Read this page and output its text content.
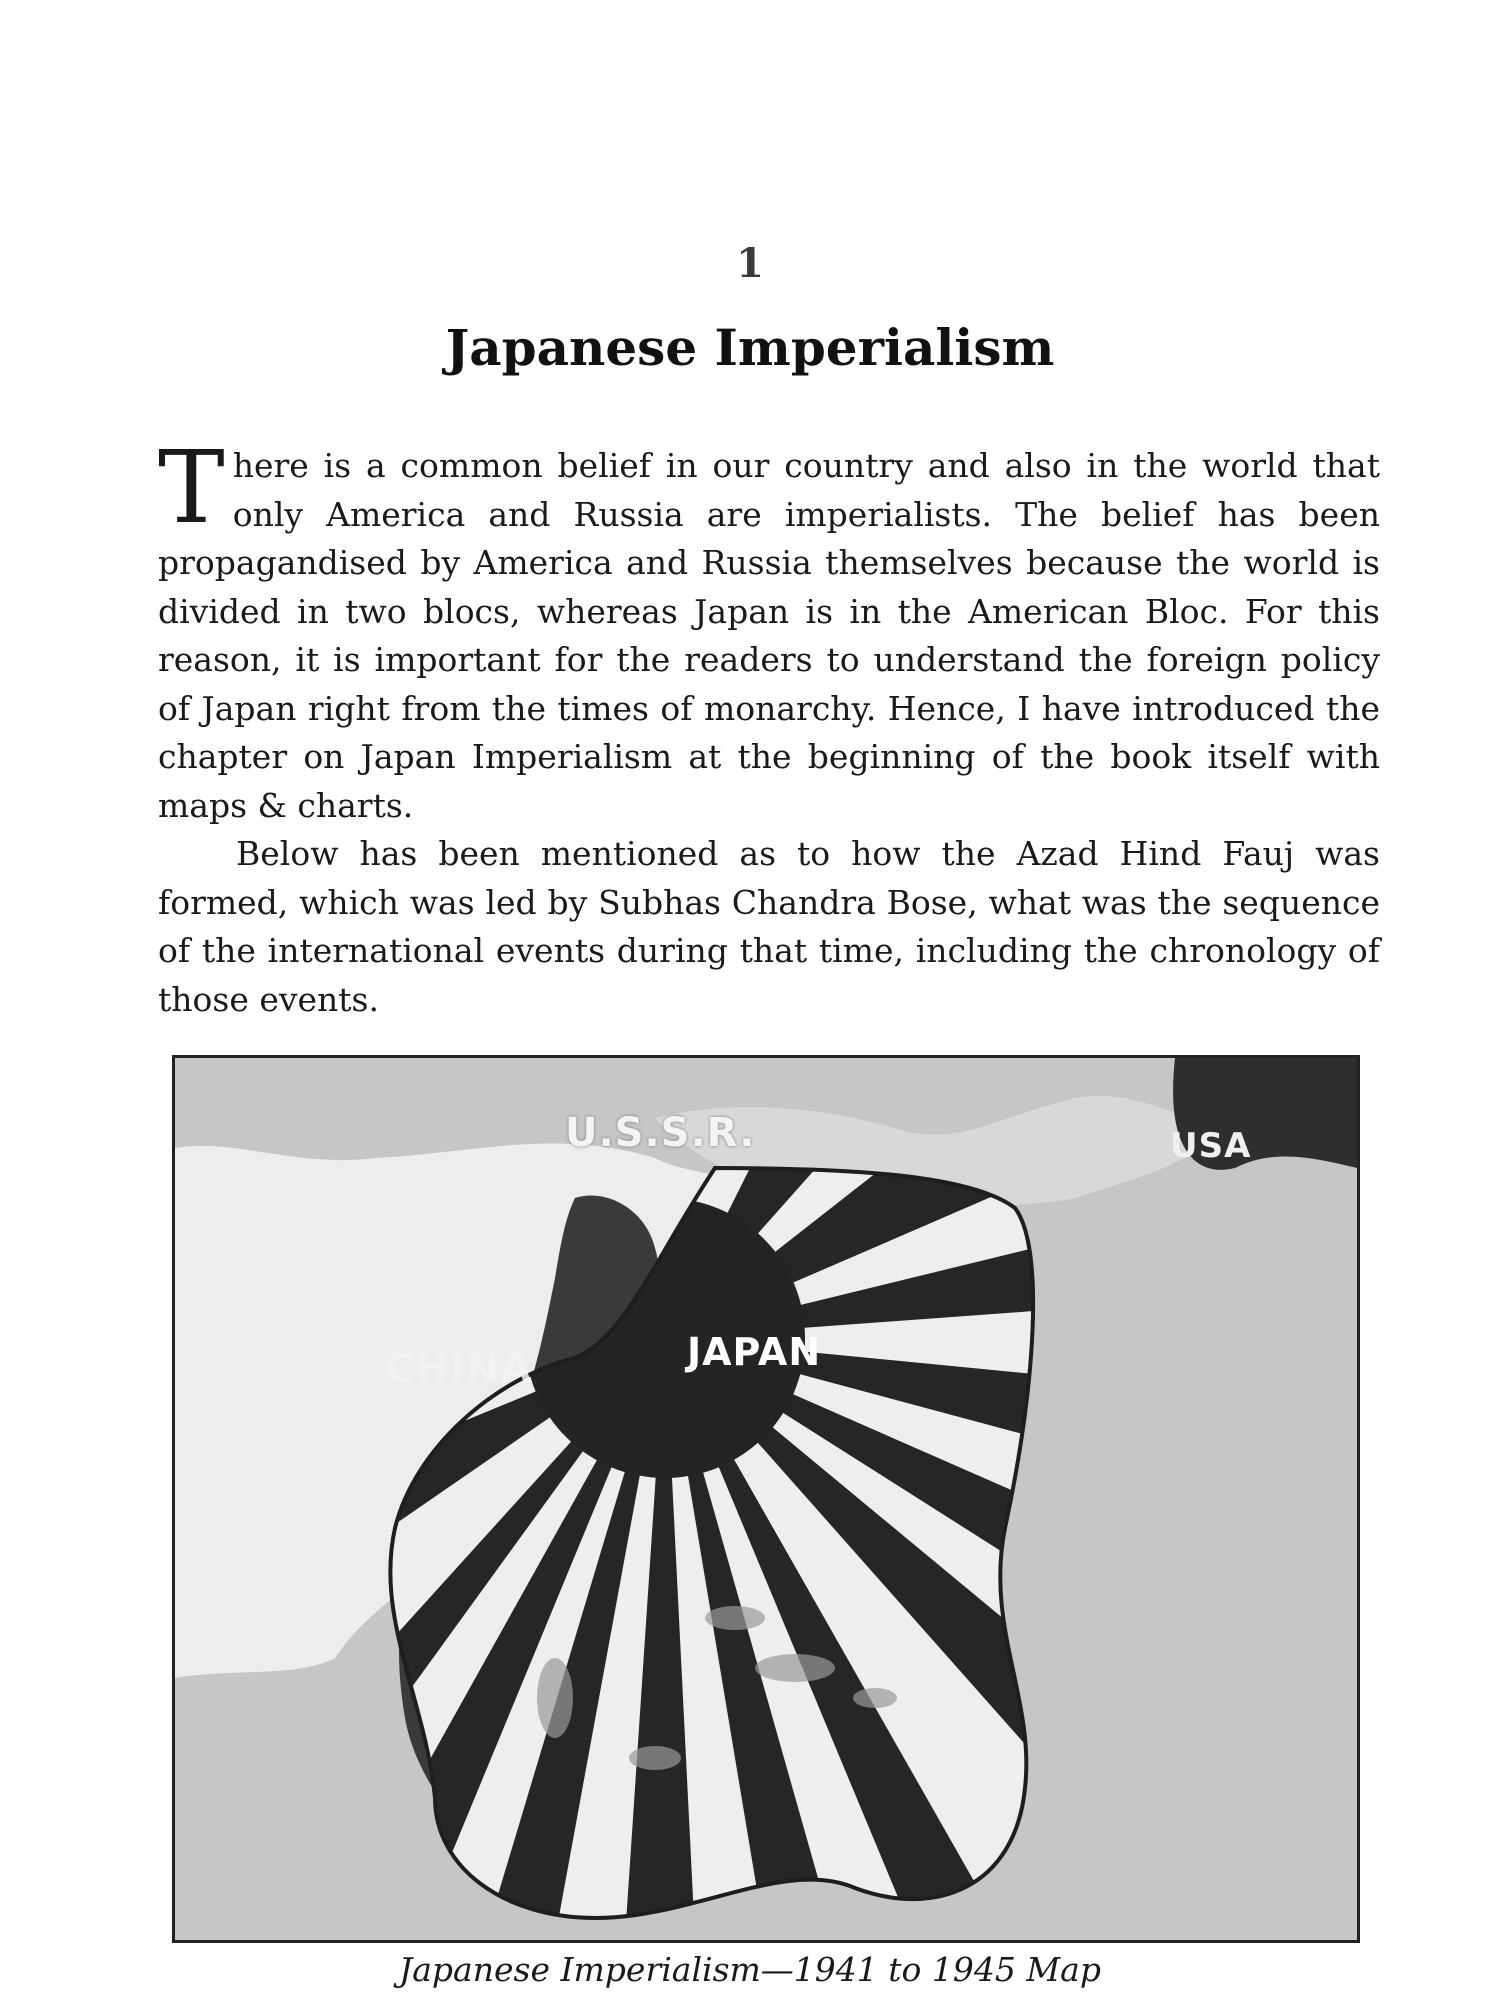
1
Japanese Imperialism

There is a common belief in our country and also in the world that only America and Russia are imperialists. The belief has been propagandised by America and Russia themselves because the world is divided in two blocs, whereas Japan is in the American Bloc. For this reason, it is important for the readers to understand the foreign policy of Japan right from the times of monarchy. Hence, I have introduced the chapter on Japan Imperialism at the beginning of the book itself with maps & charts.

Below has been mentioned as to how the Azad Hind Fauj was formed, which was led by Subhas Chandra Bose, what was the sequence of the international events during that time, including the chronology of those events.

U.S.S.R.	USA
CHINA	JAPAN
Japanese Imperialism—1941 to 1945 Map
